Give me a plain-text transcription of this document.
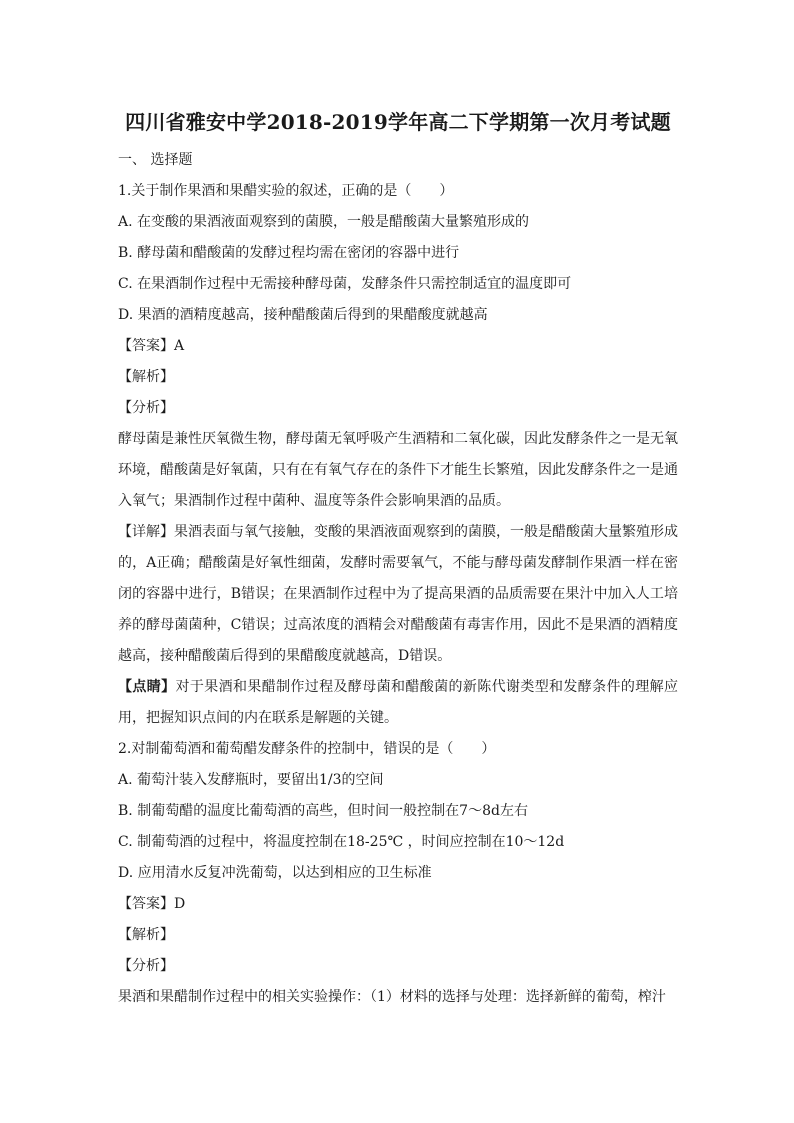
四川省雅安中学2018-2019学年高二下学期第一次月考试题
一、 选择题
1.关于制作果酒和果醋实验的叙述，正确的是（　　）
A. 在变酸的果酒液面观察到的菌膜，一般是醋酸菌大量繁殖形成的
B. 酵母菌和醋酸菌的发酵过程均需在密闭的容器中进行
C. 在果酒制作过程中无需接种酵母菌，发酵条件只需控制适宜的温度即可
D. 果酒的酒精度越高，接种醋酸菌后得到的果醋酸度就越高
【答案】A
【解析】
【分析】
酵母菌是兼性厌氧微生物，酵母菌无氧呼吸产生酒精和二氧化碳，因此发酵条件之一是无氧环境，醋酸菌是好氧菌，只有在有氧气存在的条件下才能生长繁殖，因此发酵条件之一是通入氧气；果酒制作过程中菌种、温度等条件会影响果酒的品质。
【详解】果酒表面与氧气接触，变酸的果酒液面观察到的菌膜，一般是醋酸菌大量繁殖形成的，A正确；醋酸菌是好氧性细菌，发酵时需要氧气，不能与酵母菌发酵制作果酒一样在密闭的容器中进行，B错误；在果酒制作过程中为了提高果酒的品质需要在果汁中加入人工培养的酵母菌菌种，C错误；过高浓度的酒精会对醋酸菌有毒害作用，因此不是果酒的酒精度越高，接种醋酸菌后得到的果醋酸度就越高，D错误。
【点睛】对于果酒和果醋制作过程及酵母菌和醋酸菌的新陈代谢类型和发酵条件的理解应用，把握知识点间的内在联系是解题的关键。
2.对制葡萄酒和葡萄醋发酵条件的控制中，错误的是（　　）
A. 葡萄汁装入发酵瓶时，要留出1/3的空间
B. 制葡萄醋的温度比葡萄酒的高些，但时间一般控制在7～8d左右
C. 制葡萄酒的过程中，将温度控制在18-25℃ ，时间应控制在10～12d
D. 应用清水反复冲洗葡萄，以达到相应的卫生标准
【答案】D
【解析】
【分析】
果酒和果醋制作过程中的相关实验操作：（1）材料的选择与处理：选择新鲜的葡萄，榨汁
